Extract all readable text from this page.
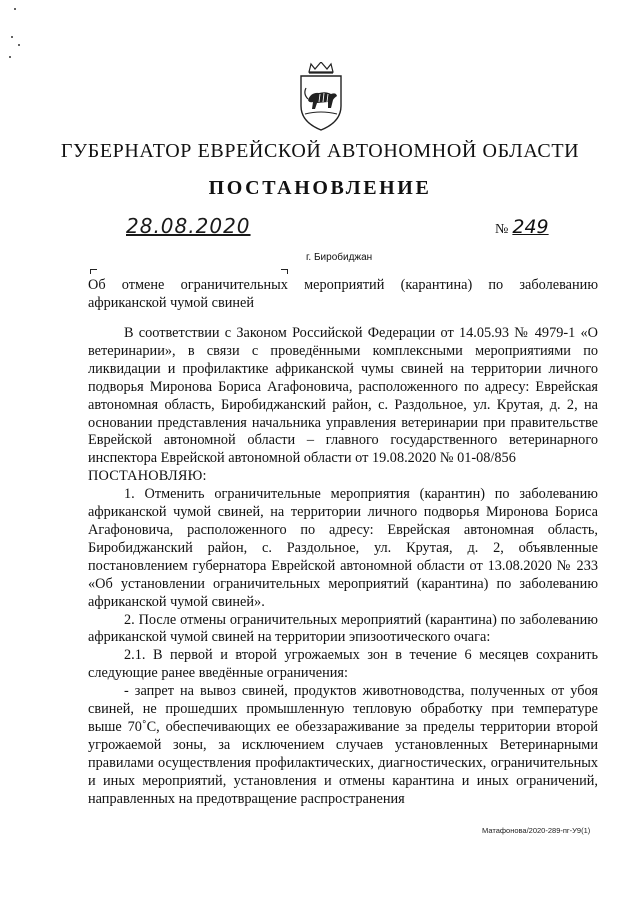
ГУБЕРНАТОР ЕВРЕЙСКОЙ АВТОНОМНОЙ ОБЛАСТИ
ПОСТАНОВЛЕНИЕ
28.08.2020	№ 249
г. Биробиджан
Об отмене ограничительных мероприятий (карантина) по заболеванию африканской чумой свиней

В соответствии с Законом Российской Федерации от 14.05.93 № 4979-1 «О ветеринарии», в связи с проведёнными комплексными мероприятиями по ликвидации и профилактике африканской чумы свиней на территории личного подворья Миронова Бориса Агафоновича, расположенного по адресу: Еврейская автономная область, Биробиджанский район, с. Раздольное, ул. Крутая, д. 2, на основании представления начальника управления ветеринарии при правительстве Еврейской автономной области – главного государственного ветеринарного инспектора Еврейской автономной области от 19.08.2020 № 01-08/856

ПОСТАНОВЛЯЮ:

1. Отменить ограничительные мероприятия (карантин) по заболеванию африканской чумой свиней, на территории личного подворья Миронова Бориса Агафоновича, расположенного по адресу: Еврейская автономная область, Биробиджанский район, с. Раздольное, ул. Крутая, д. 2, объявленные постановлением губернатора Еврейской автономной области от 13.08.2020 № 233 «Об установлении ограничительных мероприятий (карантина) по заболеванию африканской чумой свиней».

2. После отмены ограничительных мероприятий (карантина) по заболеванию африканской чумой свиней на территории эпизоотического очага:

2.1. В первой и второй угрожаемых зон в течение 6 месяцев сохранить следующие ранее введённые ограничения:

- запрет на вывоз свиней, продуктов животноводства, полученных от убоя свиней, не прошедших промышленную тепловую обработку при температуре выше 70˚С, обеспечивающих ее обеззараживание за пределы территории второй угрожаемой зоны, за исключением случаев установленных Ветеринарными правилами осуществления профилактических, диагностических, ограничительных и иных мероприятий, установления и отмены карантина и иных ограничений, направленных на предотвращение распространения

Матафонова/2020-289-пг-У9(1)
